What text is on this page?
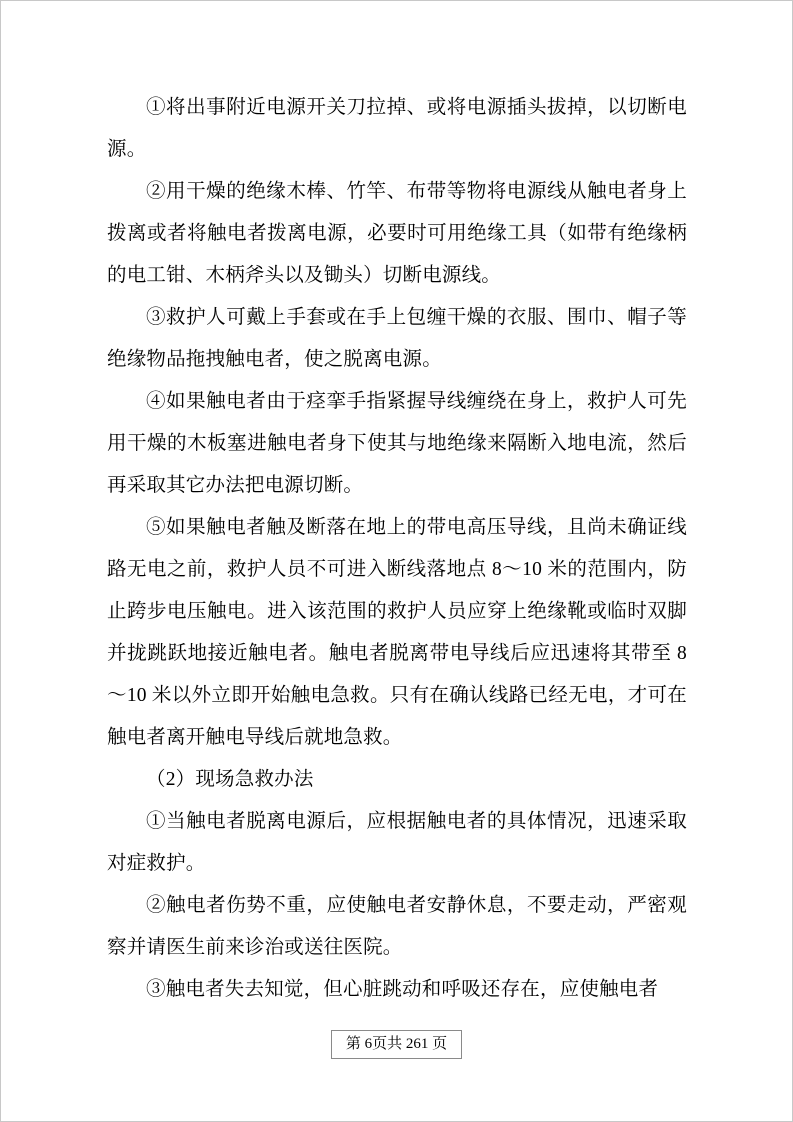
①将出事附近电源开关刀拉掉、或将电源插头拔掉，以切断电源。

②用干燥的绝缘木棒、竹竿、布带等物将电源线从触电者身上拨离或者将触电者拨离电源，必要时可用绝缘工具（如带有绝缘柄的电工钳、木柄斧头以及锄头）切断电源线。

③救护人可戴上手套或在手上包缠干燥的衣服、围巾、帽子等绝缘物品拖拽触电者，使之脱离电源。

④如果触电者由于痉挛手指紧握导线缠绕在身上，救护人可先用干燥的木板塞进触电者身下使其与地绝缘来隔断入地电流，然后再采取其它办法把电源切断。

⑤如果触电者触及断落在地上的带电高压导线，且尚未确证线路无电之前，救护人员不可进入断线落地点 8～10 米的范围内，防止跨步电压触电。进入该范围的救护人员应穿上绝缘靴或临时双脚并拢跳跃地接近触电者。触电者脱离带电导线后应迅速将其带至 8～10 米以外立即开始触电急救。只有在确认线路已经无电，才可在触电者离开触电导线后就地急救。

（2）现场急救办法

①当触电者脱离电源后，应根据触电者的具体情况，迅速采取对症救护。

②触电者伤势不重，应使触电者安静休息，不要走动，严密观察并请医生前来诊治或送往医院。

③触电者失去知觉，但心脏跳动和呼吸还存在，应使触电者

第 6页共 261 页
